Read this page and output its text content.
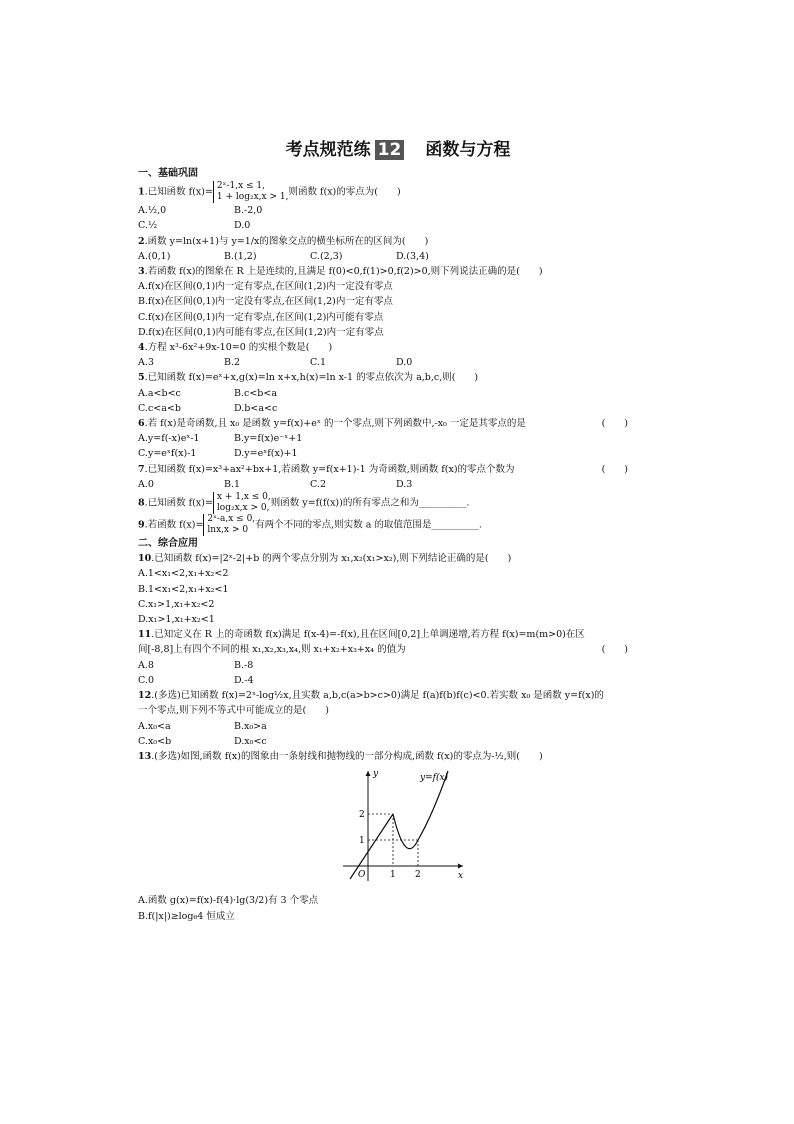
考点规范练 12　 函数与方程
一、基础巩固
1.已知函数 f(x)=2ˣ-1,x ≤ 1,
1 + log₂x,x > 1,则函数 f(x)的零点为(　　)
A.½,0	B.-2,0
C.½	D.0
2.函数 y=ln(x+1)与 y=1/x的图象交点的横坐标所在的区间为(　　)
A.(0,1)	B.(1,2)	C.(2,3)	D.(3,4)
3.若函数 f(x)的图象在 R 上是连续的,且满足 f(0)<0,f(1)>0,f(2)>0,则下列说法正确的是(　　)
A.f(x)在区间(0,1)内一定有零点,在区间(1,2)内一定没有零点
B.f(x)在区间(0,1)内一定没有零点,在区间(1,2)内一定有零点
C.f(x)在区间(0,1)内一定有零点,在区间(1,2)内可能有零点
D.f(x)在区间(0,1)内可能有零点,在区间(1,2)内一定有零点
4.方程 x³-6x²+9x-10=0 的实根个数是(　　)
A.3	B.2	C.1	D.0
5.已知函数 f(x)=eˣ+x,g(x)=ln x+x,h(x)=ln x-1 的零点依次为 a,b,c,则(　　)
A.a<b<c	B.c<b<a
C.c<a<b	D.b<a<c
6.若 f(x)是奇函数,且 x₀ 是函数 y=f(x)+eˣ 的一个零点,则下列函数中,-x₀ 一定是其零点的是	(　　)
A.y=f(-x)eˣ-1	B.y=f(x)e⁻ˣ+1
C.y=eˣf(x)-1	D.y=eˣf(x)+1
7.已知函数 f(x)=x³+ax²+bx+1,若函数 y=f(x+1)-1 为奇函数,则函数 f(x)的零点个数为	(　　)
A.0	B.1	C.2	D.3
8.已知函数 f(x)=x + 1,x ≤ 0,
log₂x,x > 0,则函数 y=f(f(x))的所有零点之和为__________.
9.若函数 f(x)=2ˣ-a,x ≤ 0,
lnx,x > 0 有两个不同的零点,则实数 a 的取值范围是__________.
二、综合应用
10.已知函数 f(x)=|2ˣ-2|+b 的两个零点分别为 x₁,x₂(x₁>x₂),则下列结论正确的是(　　)
A.1<x₁<2,x₁+x₂<2
B.1<x₁<2,x₁+x₂<1
C.x₁>1,x₁+x₂<2
D.x₁>1,x₁+x₂<1
11.已知定义在 R 上的奇函数 f(x)满足 f(x-4)=-f(x),且在区间[0,2]上单调递增,若方程 f(x)=m(m>0)在区
间[-8,8]上有四个不同的根 x₁,x₂,x₃,x₄,则 x₁+x₂+x₃+x₄ 的值为	(　　)
A.8	B.-8
C.0	D.-4
12.(多选)已知函数 f(x)=2ˣ-log½x,且实数 a,b,c(a>b>c>0)满足 f(a)f(b)f(c)<0.若实数 x₀ 是函数 y=f(x)的
一个零点,则下列不等式中可能成立的是(　　)
A.x₀<a	B.x₀>a
C.x₀<b	D.x₀<c
13.(多选)如图,函数 f(x)的图象由一条射线和抛物线的一部分构成,函数 f(x)的零点为-½,则(　　)
y=f(x)
y
x
O	1 2
2
1
A.函数 g(x)=f(x)-f(4)·lg(3/2)有 3 个零点
B.f(|x|)≥log₆4 恒成立
